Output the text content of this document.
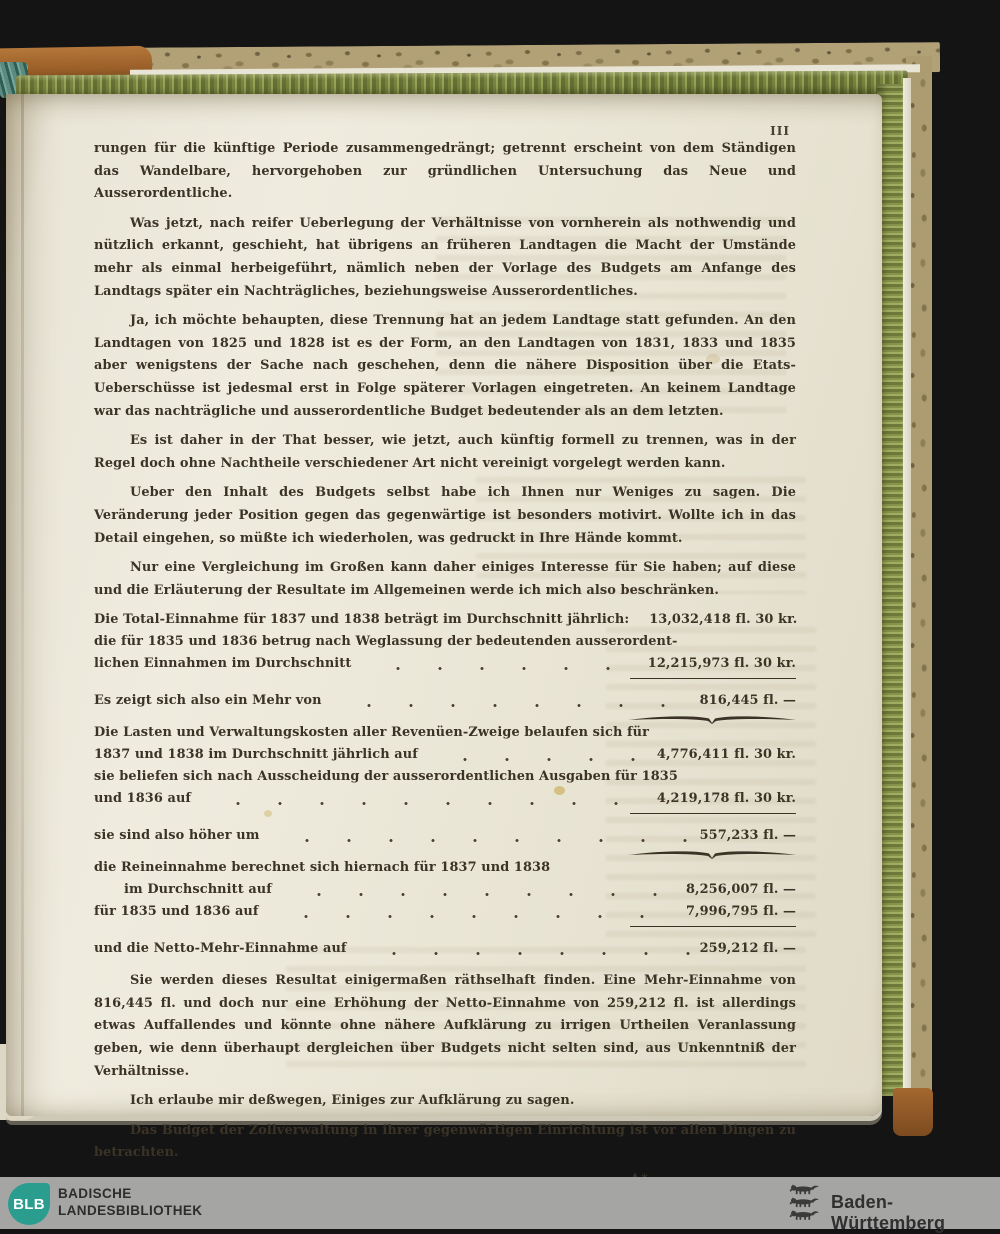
III

rungen für die künftige Periode zusammengedrängt; getrennt erscheint von dem Ständigen das Wandelbare, hervorgehoben zur gründlichen Untersuchung das Neue und Ausserordentliche.

Was jetzt, nach reifer Ueberlegung der Verhältnisse von vornherein als nothwendig und nützlich erkannt, geschieht, hat übrigens an früheren Landtagen die Macht der Umstände mehr als einmal herbeigeführt, nämlich neben der Vorlage des Budgets am Anfange des Landtags später ein Nachträgliches, beziehungsweise Ausserordentliches.

Ja, ich möchte behaupten, diese Trennung hat an jedem Landtage statt gefunden. An den Landtagen von 1825 und 1828 ist es der Form, an den Landtagen von 1831, 1833 und 1835 aber wenigstens der Sache nach geschehen, denn die nähere Disposition über die Etats-Ueberschüsse ist jedesmal erst in Folge späterer Vorlagen eingetreten. An keinem Landtage war das nachträgliche und ausserordentliche Budget bedeutender als an dem letzten.

Es ist daher in der That besser, wie jetzt, auch künftig formell zu trennen, was in der Regel doch ohne Nachtheile verschiedener Art nicht vereinigt vorgelegt werden kann.

Ueber den Inhalt des Budgets selbst habe ich Ihnen nur Weniges zu sagen. Die Veränderung jeder Position gegen das gegenwärtige ist besonders motivirt. Wollte ich in das Detail eingehen, so müßte ich wiederholen, was gedruckt in Ihre Hände kommt.

Nur eine Vergleichung im Großen kann daher einiges Interesse für Sie haben; auf diese und die Erläuterung der Resultate im Allgemeinen werde ich mich also beschränken.

Die Total-Einnahme für 1837 und 1838 beträgt im Durchschnitt jährlich: 13,032,418 fl. 30 kr.
die für 1835 und 1836 betrug nach Weglassung der bedeutenden ausserordent-
lichen Einnahmen im Durchschnitt	12,215,973 fl. 30 kr.
Es zeigt sich also ein Mehr von	816,445 fl. —
Die Lasten und Verwaltungskosten aller Revenüen-Zweige belaufen sich für
1837 und 1838 im Durchschnitt jährlich auf	4,776,411 fl. 30 kr.
sie beliefen sich nach Ausscheidung der ausserordentlichen Ausgaben für 1835
und 1836 auf	4,219,178 fl. 30 kr.
sie sind also höher um	557,233 fl. —
die Reineinnahme berechnet sich hiernach für 1837 und 1838
im Durchschnitt auf	8,256,007 fl. —
für 1835 und 1836 auf	7,996,795 fl. —
und die Netto-Mehr-Einnahme auf	259,212 fl. —

Sie werden dieses Resultat einigermaßen räthselhaft finden. Eine Mehr-Einnahme von 816,445 fl. und doch nur eine Erhöhung der Netto-Einnahme von 259,212 fl. ist allerdings etwas Auffallendes und könnte ohne nähere Aufklärung zu irrigen Urtheilen Veranlassung geben, wie denn überhaupt dergleichen über Budgets nicht selten sind, aus Unkenntniß der Verhältnisse.

Ich erlaube mir deßwegen, Einiges zur Aufklärung zu sagen.

Das Budget der Zollverwaltung in ihrer gegenwärtigen Einrichtung ist vor allen Dingen zu betrachten.

BLB
BADISCHE
LANDESBIBLIOTHEK	Baden-Württemberg
